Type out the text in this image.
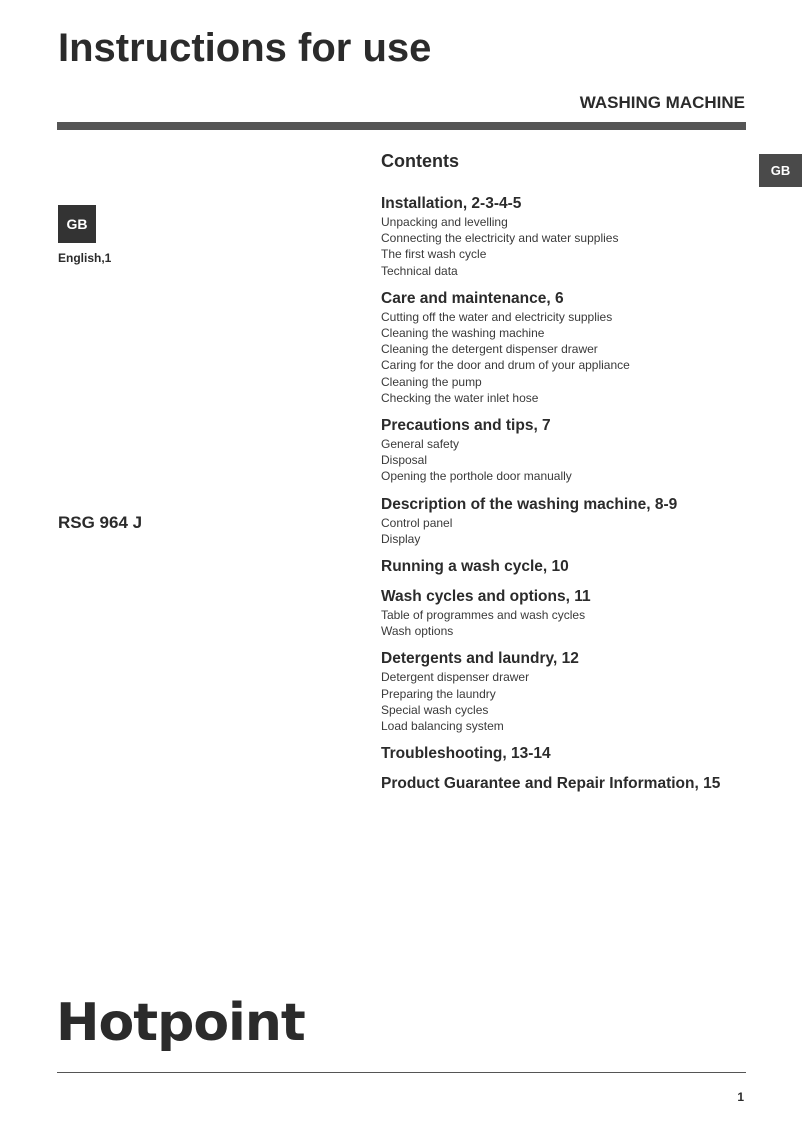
Instructions for use
WASHING MACHINE
GB
GB
English,1
RSG 964 J
Contents
Installation, 2-3-4-5
Unpacking and levelling
Connecting the electricity and water supplies
The first wash cycle
Technical data
Care and maintenance, 6
Cutting off the water and electricity supplies
Cleaning the washing machine
Cleaning the detergent dispenser drawer
Caring for the door and drum of your appliance
Cleaning the pump
Checking the water inlet hose
Precautions and tips, 7
General safety
Disposal
Opening the porthole door manually
Description of the washing machine, 8-9
Control panel
Display
Running a wash cycle, 10
Wash cycles and options, 11
Table of programmes and wash cycles
Wash options
Detergents and laundry, 12
Detergent dispenser drawer
Preparing the laundry
Special wash cycles
Load balancing system
Troubleshooting, 13-14
Product Guarantee and Repair Information, 15
Hotpoint
1
